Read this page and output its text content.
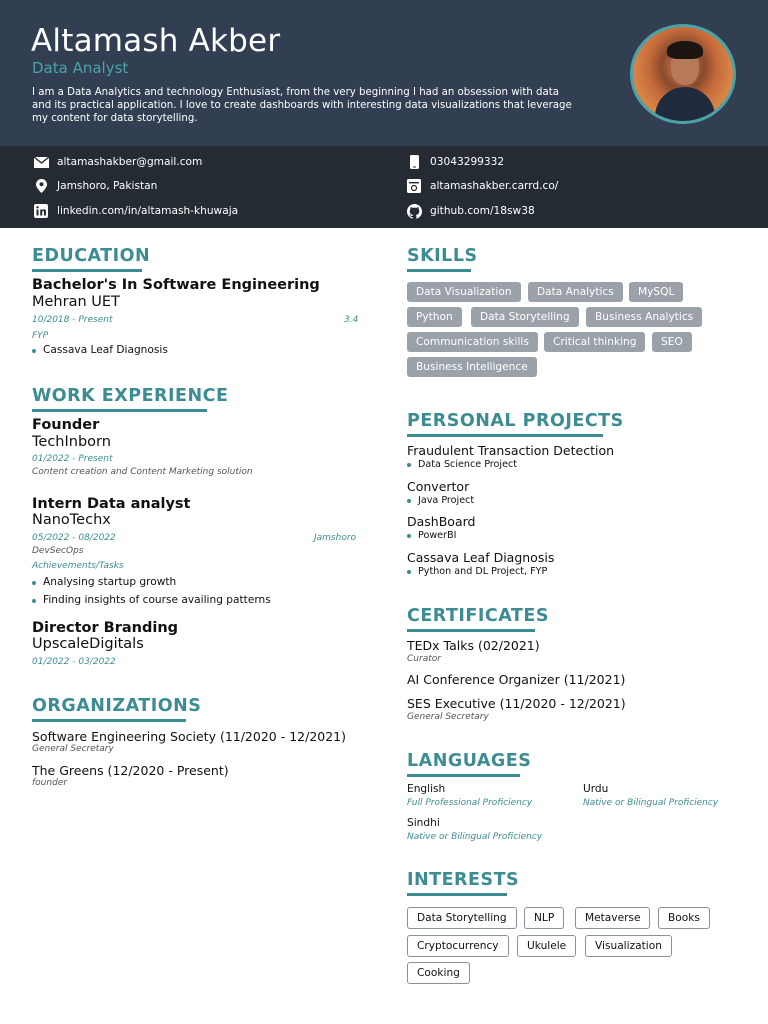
Altamash Akber
Data Analyst
I am a Data Analytics and technology Enthusiast, from the very beginning I had an obsession with data and its practical application. I love to create dashboards with interesting data visualizations that leverage my content for data storytelling.
altamashakber@gmail.com	03043299332
Jamshoro, Pakistan	altamashakber.carrd.co/
linkedin.com/in/altamash-khuwaja	github.com/18sw38
EDUCATION
Bachelor's In Software Engineering
Mehran UET
10/2018 - Present	3.4
FYP
Cassava Leaf Diagnosis
WORK EXPERIENCE
Founder
TechInborn
01/2022 - Present
Content creation and Content Marketing solution
Intern Data analyst
NanoTechx
05/2022 - 08/2022	Jamshoro
DevSecOps
Achievements/Tasks
Analysing startup growth
Finding insights of course availing patterns
Director Branding
UpscaleDigitals
01/2022 - 03/2022
ORGANIZATIONS
Software Engineering Society (11/2020 - 12/2021)
General Secretary
The Greens (12/2020 - Present)
founder
SKILLS
Data Visualization	Data Analytics	MySQL
Python	Data Storytelling	Business Analytics
Communication skills	Critical thinking	SEO
Business Intelligence
PERSONAL PROJECTS
Fraudulent Transaction Detection
Data Science Project
Convertor
Java Project
DashBoard
PowerBI
Cassava Leaf Diagnosis
Python and DL Project, FYP
CERTIFICATES
TEDx Talks (02/2021)
Curator
AI Conference Organizer (11/2021)
SES Executive (11/2020 - 12/2021)
General Secretary
LANGUAGES
English
Full Professional Proficiency
Urdu
Native or Bilingual Proficiency
Sindhi
Native or Bilingual Proficiency
INTERESTS
Data Storytelling	NLP	Metaverse	Books
Cryptocurrency	Ukulele	Visualization
Cooking
